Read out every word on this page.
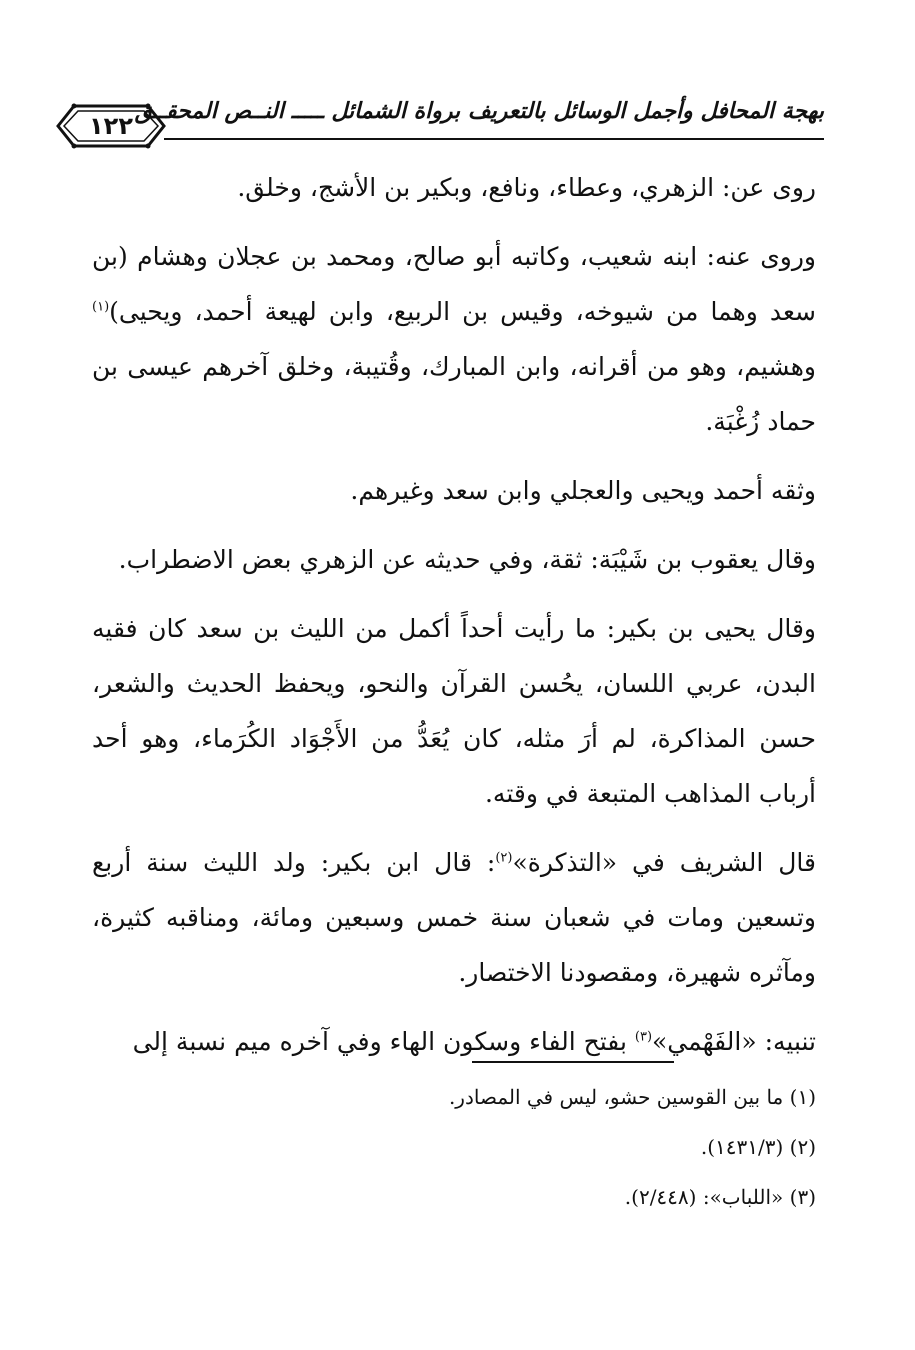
١٢٢
بهجة المحافل وأجمل الوسائل بالتعريف برواة الشمائل ـــــ النــص المحقــق

روى عن: الزهري، وعطاء، ونافع، وبكير بن الأشج، وخلق.

وروى عنه: ابنه شعيب، وكاتبه أبو صالح، ومحمد بن عجلان وهشام (بن سعد وهما من شيوخه، وقيس بن الربيع، وابن لهيعة أحمد، ويحيى)$^{(١)}$ وهشيم، وهو من أقرانه، وابن المبارك، وقُتيبة، وخلق آخرهم عيسى بن حماد زُغْبَة.

وثقه أحمد ويحيى والعجلي وابن سعد وغيرهم.

وقال يعقوب بن شَيْبَة: ثقة، وفي حديثه عن الزهري بعض الاضطراب.

وقال يحيى بن بكير: ما رأيت أحداً أكمل من الليث بن سعد كان فقيه البدن، عربي اللسان، يحُسن القرآن والنحو، ويحفظ الحديث والشعر، حسن المذاكرة، لم أرَ مثله، كان يُعَدُّ من الأَجْوَاد الكُرَماء، وهو أحد أرباب المذاهب المتبعة في وقته.

قال الشريف في «التذكرة»$^{(٢)}$: قال ابن بكير: ولد الليث سنة أربع وتسعين ومات في شعبان سنة خمس وسبعين ومائة، ومناقبه كثيرة، ومآثره شهيرة، ومقصودنا الاختصار.

تنبيه: «الفَهْمي»$^{(٣)}$ بفتح الفاء وسكون الهاء وفي آخره ميم نسبة إلى

(١) ما بين القوسين حشو، ليس في المصادر.

(٢) (١٤٣١/٣).

(٣) «اللباب»: (٢/٤٤٨).
